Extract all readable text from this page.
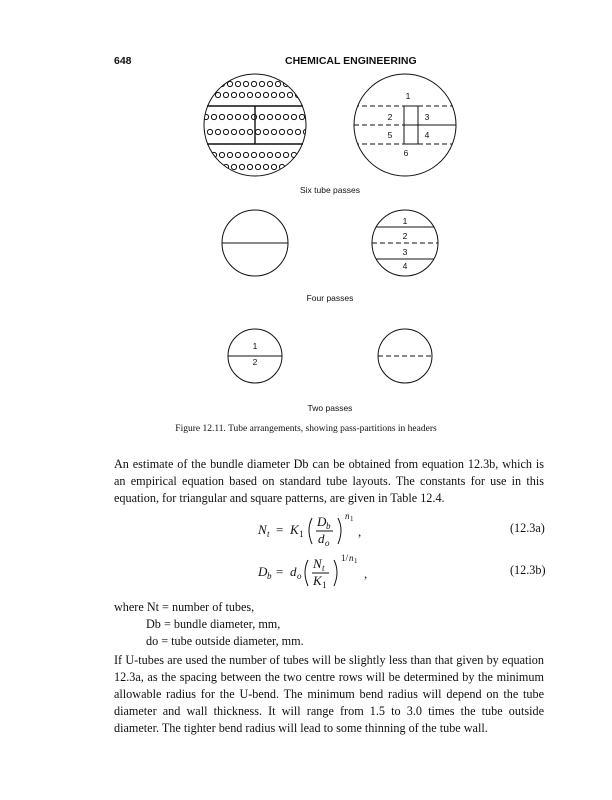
648	CHEMICAL ENGINEERING
1
2	3
5	4
6
1
2
3
4
1
2
Six tube passes
Four passes
Two passes
Figure 12.11. Tube arrangements, showing pass-partitions in headers
An estimate of the bundle diameter Db can be obtained from equation 12.3b, which is an empirical equation based on standard tube layouts. The constants for use in this equation, for triangular and square patterns, are given in Table 12.4.
N t = K 1
D b
d o
n 1
,	(12.3a)
D b = d o
N t
K 1
1/ n 1
,	(12.3b)
where Nt = number of tubes,
Db = bundle diameter, mm,
do = tube outside diameter, mm.
If U-tubes are used the number of tubes will be slightly less than that given by equation 12.3a, as the spacing between the two centre rows will be determined by the minimum allowable radius for the U-bend. The minimum bend radius will depend on the tube diameter and wall thickness. It will range from 1.5 to 3.0 times the tube outside diameter. The tighter bend radius will lead to some thinning of the tube wall.
